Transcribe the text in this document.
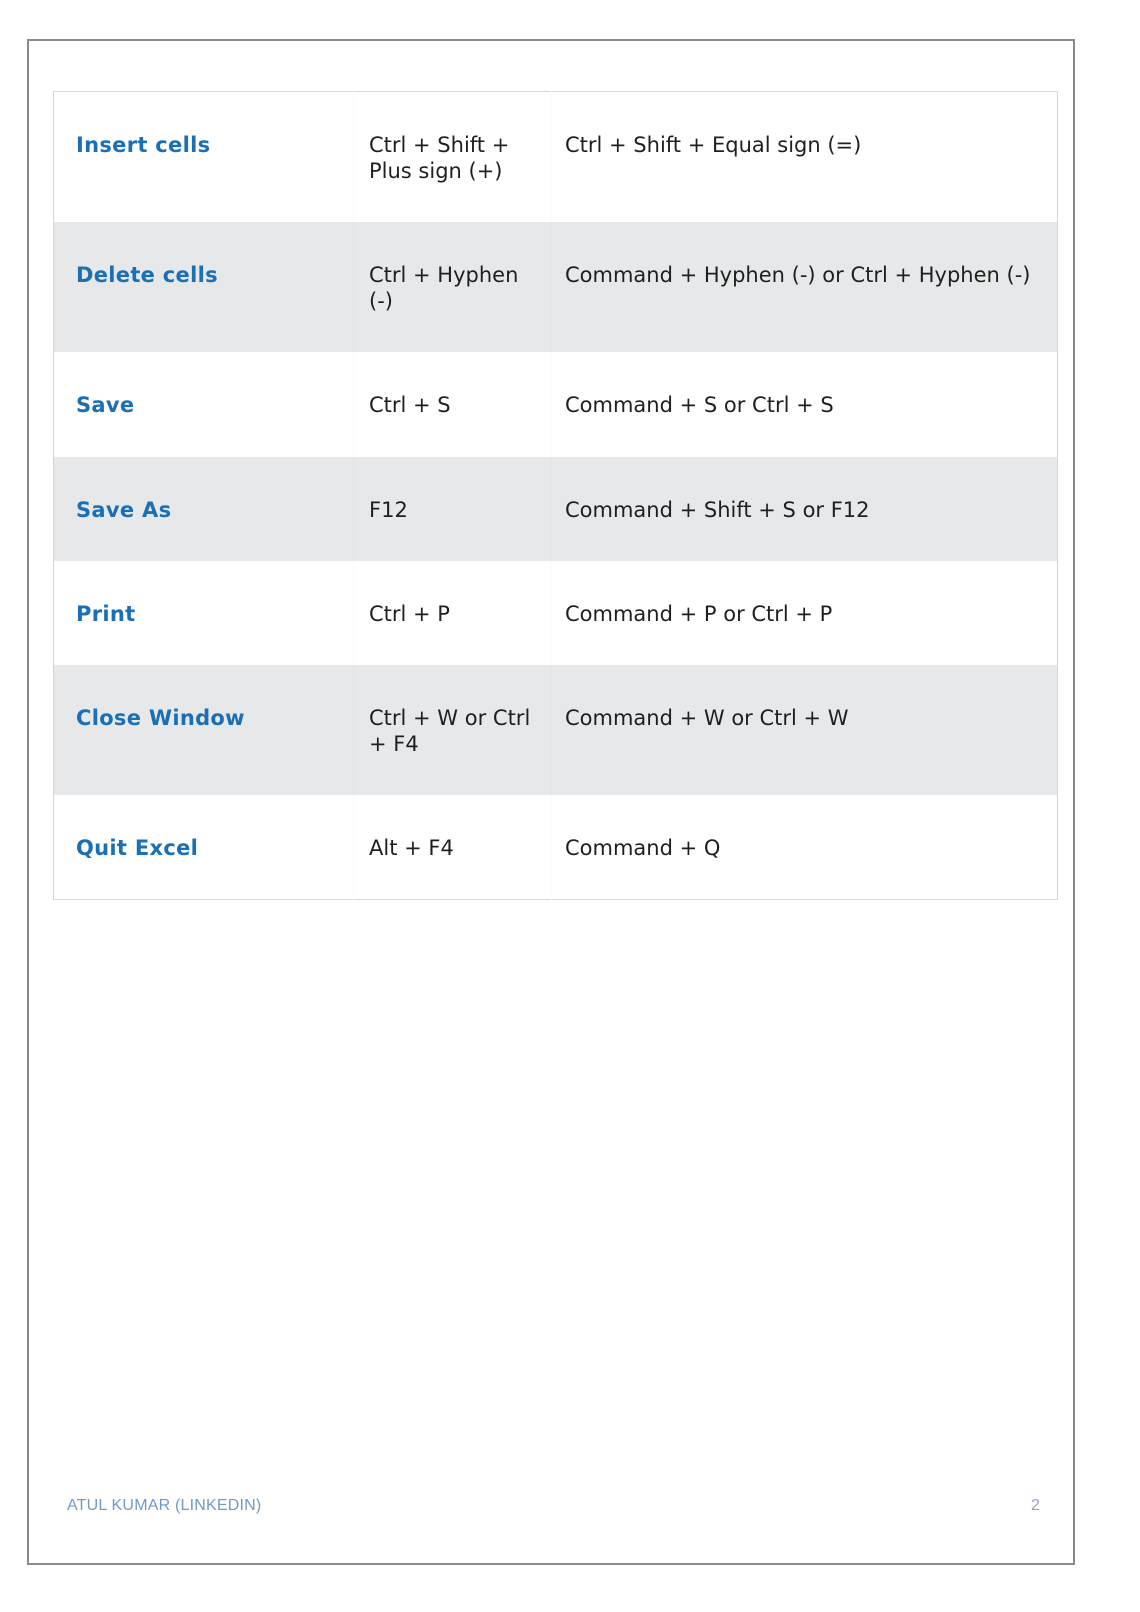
Insert cells	Ctrl + Shift + Plus sign (+)	Ctrl + Shift + Equal sign (=)

Delete cells	Ctrl + Hyphen (-)	Command + Hyphen (-) or Ctrl + Hyphen (-)

Save	Ctrl + S	Command + S or Ctrl + S

Save As	F12	Command + Shift + S or F12

Print	Ctrl + P	Command + P or Ctrl + P

Close Window	Ctrl + W or Ctrl + F4	Command + W or Ctrl + W

Quit Excel	Alt + F4	Command + Q
ATUL KUMAR (LINKEDIN)	2
